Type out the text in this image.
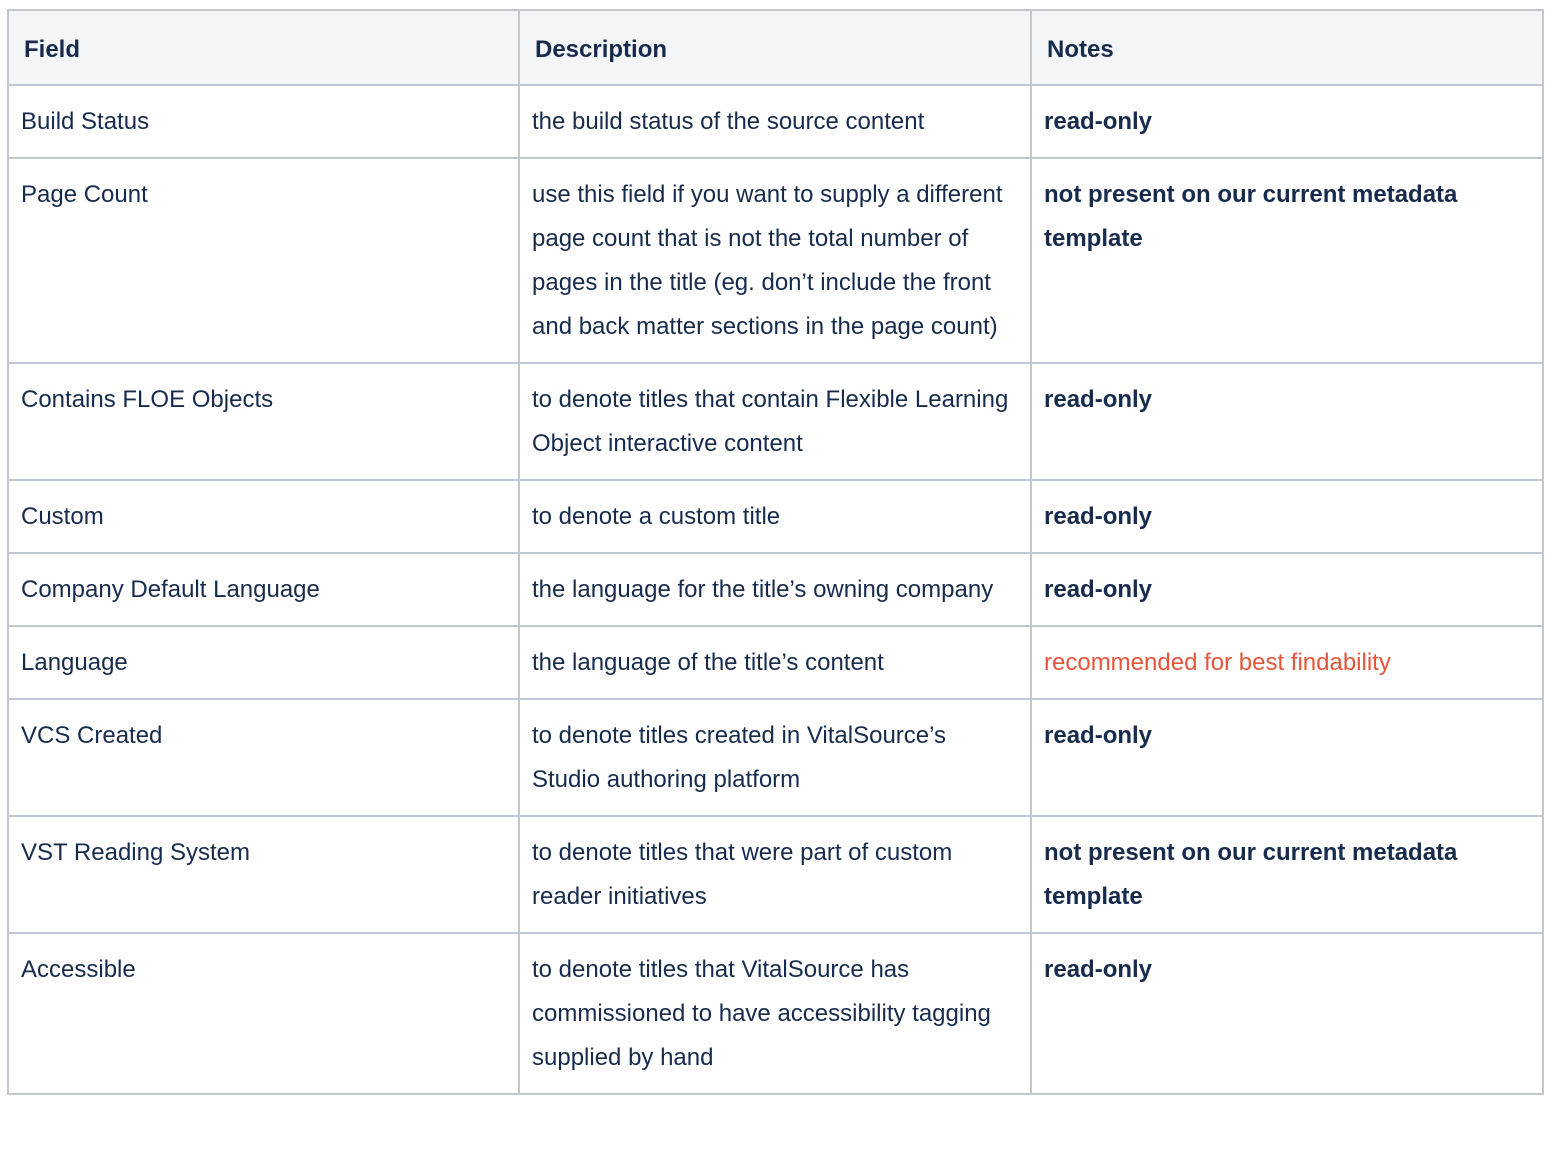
Field	Description	Notes
Build Status	the build status of the source content	read-only
Page Count	use this field if you want to supply a different page count that is not the total number of pages in the title (eg. don’t include the front and back matter sections in the page count)	not present on our current metadata template
Contains FLOE Objects	to denote titles that contain Flexible Learning Object interactive content	read-only
Custom	to denote a custom title	read-only
Company Default Language	the language for the title’s owning company	read-only
Language	the language of the title’s content	recommended for best findability
VCS Created	to denote titles created in VitalSource’s Studio authoring platform	read-only
VST Reading System	to denote titles that were part of custom reader initiatives	not present on our current metadata template
Accessible	to denote titles that VitalSource has commissioned to have accessibility tagging supplied by hand	read-only
